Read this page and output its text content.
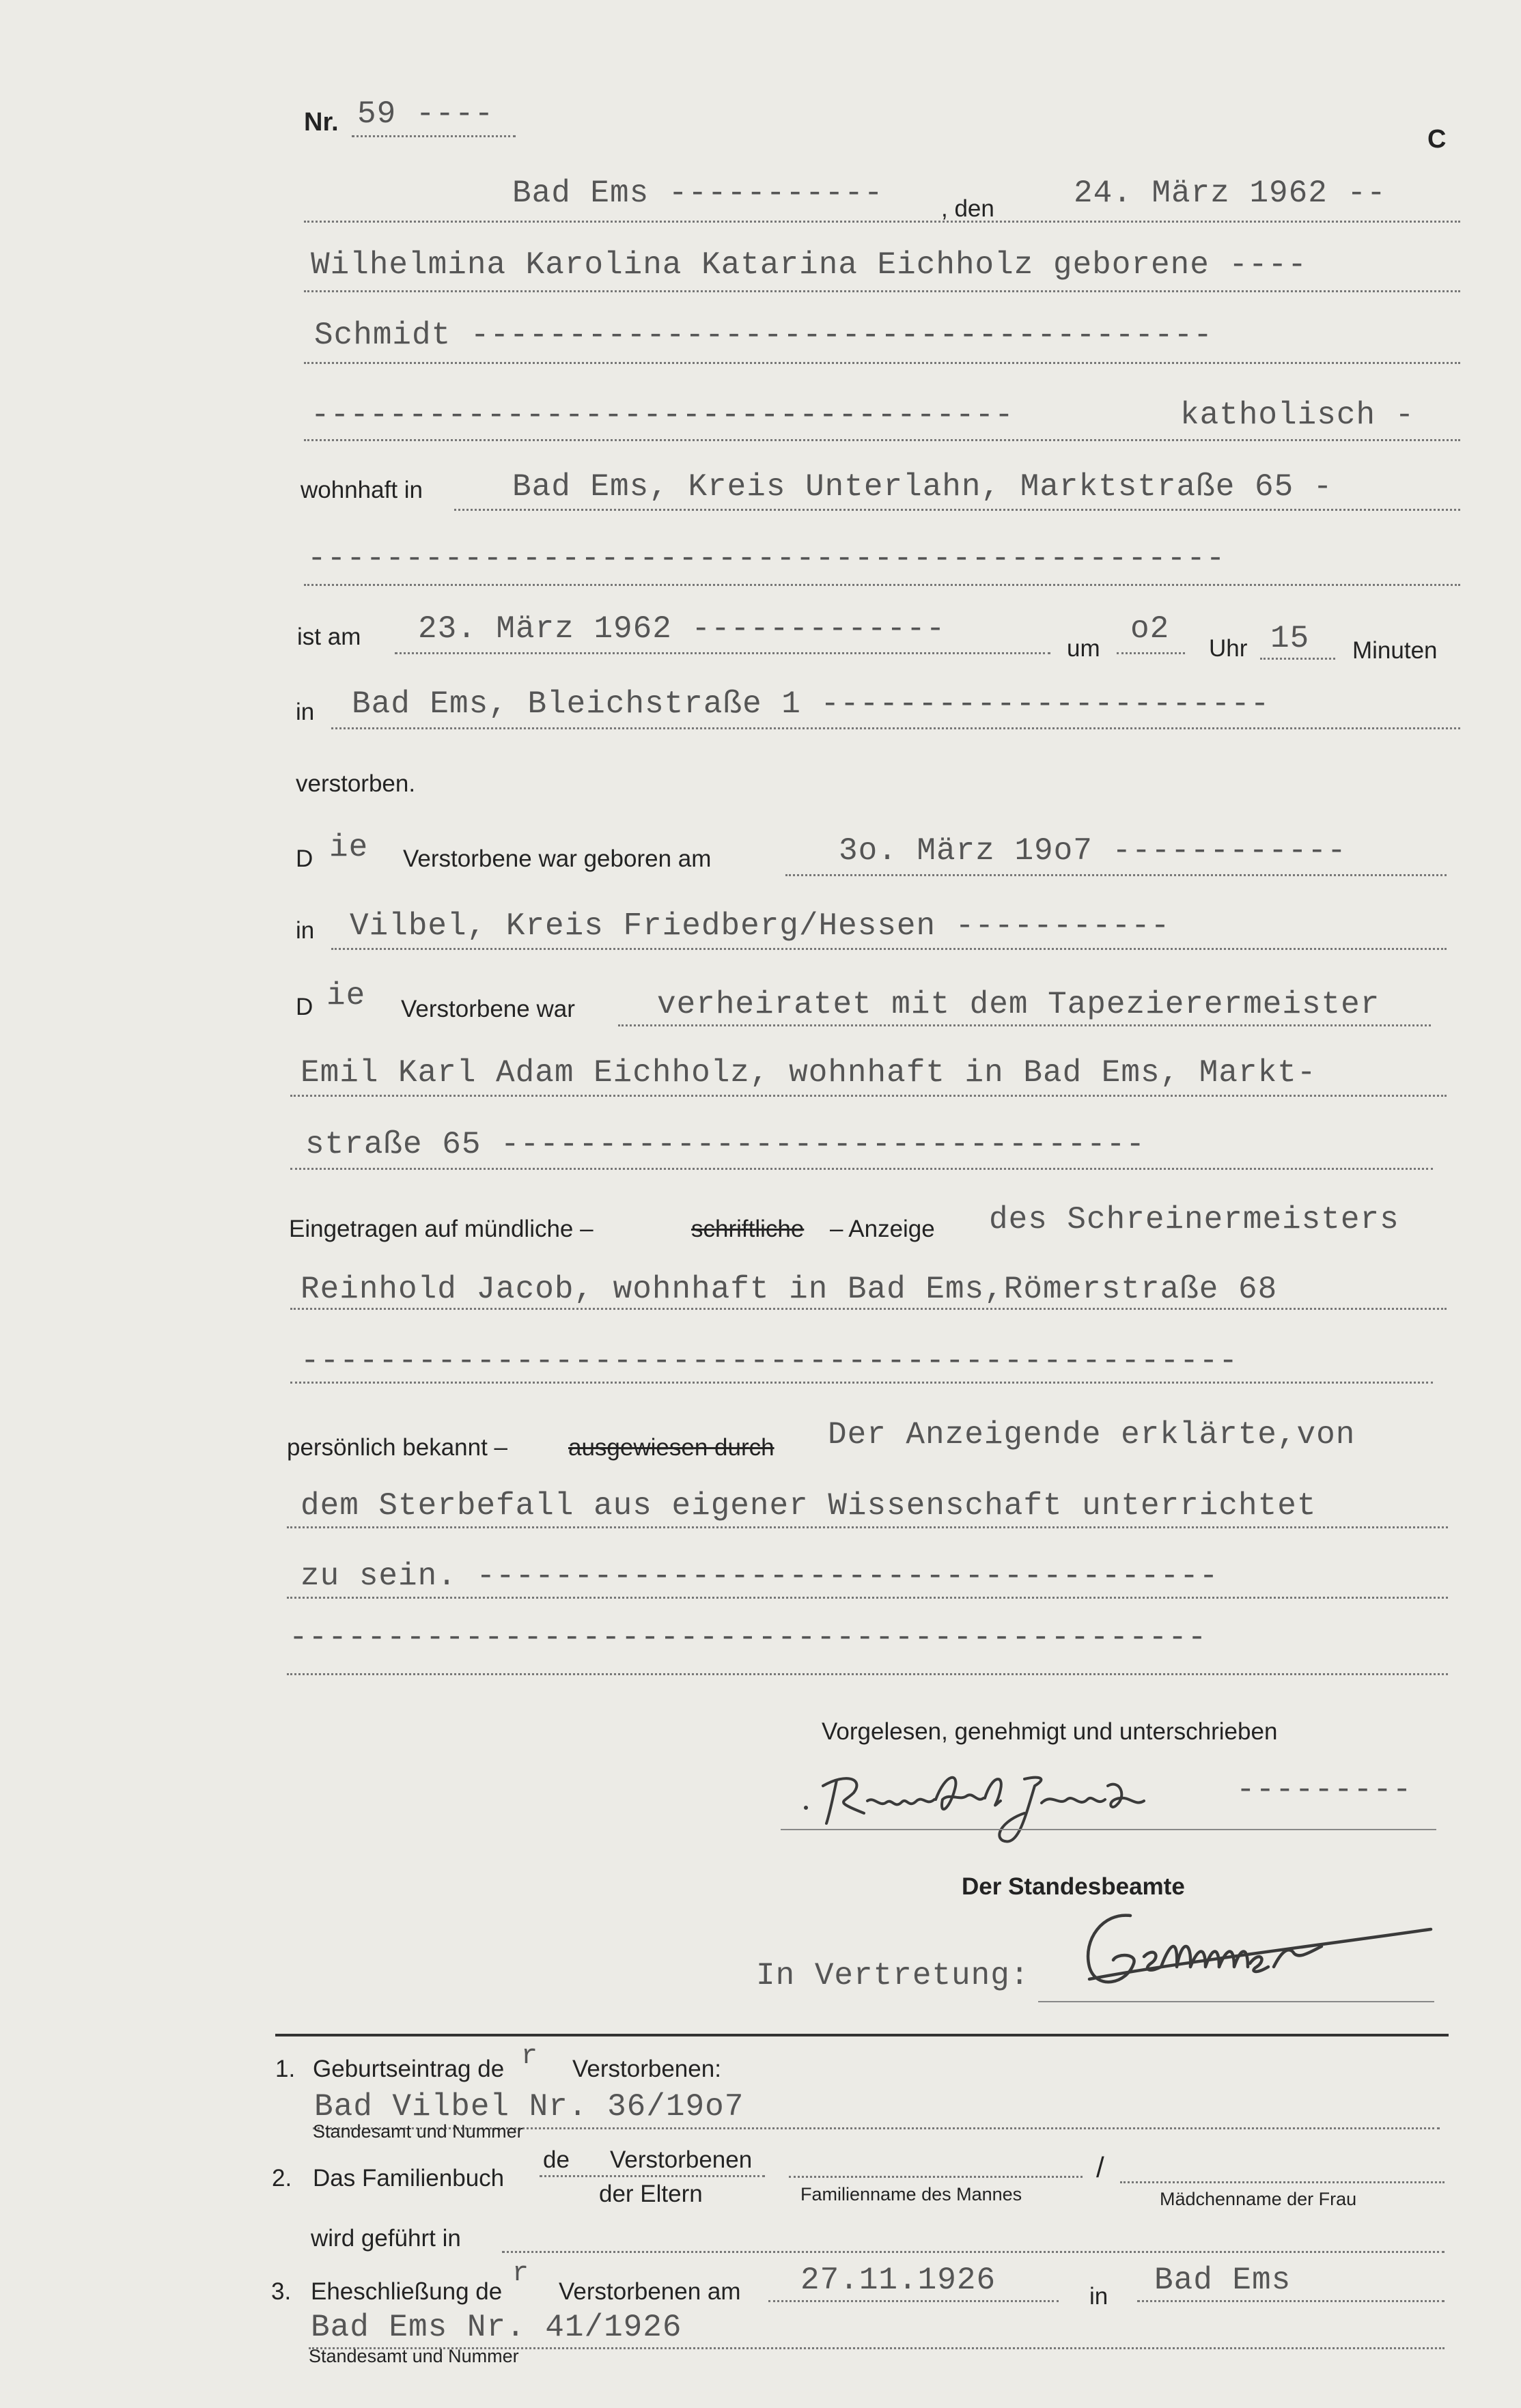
Nr. 59 ----
C
Bad Ems ----------- , den	24. März 1962 --
Wilhelmina Karolina Katarina Eichholz geborene ----
Schmidt --------------------------------------
------------------------------------	katholisch -
wohnhaft in	Bad Ems, Kreis Unterlahn, Marktstraße 65 -
-----------------------------------------------
ist am 23. März 1962 -------------
um
o2
Uhr 15 Minuten
in Bad Ems, Bleichstraße 1 -----------------------
verstorben.
D ie Verstorbene war geboren am	3o. März 19o7 ------------
in Vilbel, Kreis Friedberg/Hessen -----------
D ie Verstorbene war	verheiratet mit dem Tapezierermeister
Emil Karl Adam Eichholz, wohnhaft in Bad Ems, Markt-
straße 65 ---------------------------------
Eingetragen auf mündliche –	schriftliche – Anzeige des Schreinermeisters
Reinhold Jacob, wohnhaft in Bad Ems,Römerstraße 68
------------------------------------------------
persönlich bekannt –	ausgewiesen durch Der Anzeigende erklärte,von
dem Sterbefall aus eigener Wissenschaft unterrichtet
zu sein. --------------------------------------
-----------------------------------------------
Vorgelesen, genehmigt und unterschrieben
---------
Der Standesbeamte
In Vertretung:
1. Geburtseintrag de r Verstorbenen:
Bad Vilbel Nr. 36/19o7
Standesamt und Nummer
2. Das Familienbuch
de Verstorbenen
der Eltern	Familienname des Mannes
/
Mädchenname der Frau
wird geführt in
3. Eheschließung de
r
Verstorbenen am 27.11.1926	in Bad Ems
Bad Ems Nr. 41/1926
Standesamt und Nummer
